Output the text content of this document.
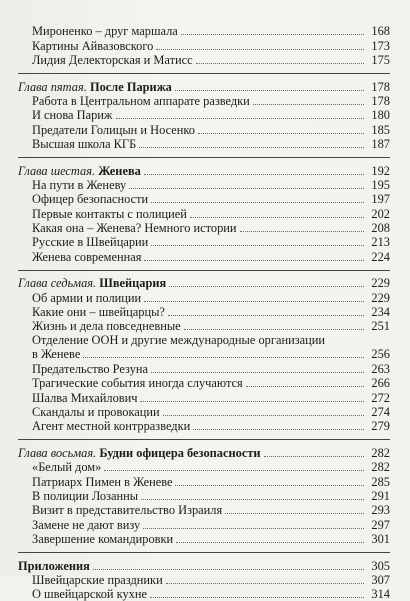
Мироненко – друг маршала	168
Картины Айвазовского	173
Лидия Делекторская и Матисс	175
Глава пятая. После Парижа	178
Работа в Центральном аппарате разведки	178
И снова Париж	180
Предатели Голицын и Носенко	185
Высшая школа КГБ	187
Глава шестая. Женева	192
На пути в Женеву	195
Офицер безопасности	197
Первые контакты с полицией	202
Какая она – Женева? Немного истории	208
Русские в Швейцарии	213
Женева современная	224
Глава седьмая. Швейцария	229
Об армии и полиции	229
Какие они – швейцарцы?	234
Жизнь и дела повседневные	251
Отделение ООН и другие международные организации
в Женеве	256
Предательство Резуна	263
Трагические события иногда случаются	266
Шалва Михайлович	272
Скандалы и провокации	274
Агент местной контрразведки	279
Глава восьмая. Будни офицера безопасности	282
«Белый дом»	282
Патриарх Пимен в Женеве	285
В полиции Лозанны	291
Визит в представительство Израиля	293
Замене не дают визу	297
Завершение командировки	301
Приложения	305
Швейцарские праздники	307
О швейцарской кухне	314
